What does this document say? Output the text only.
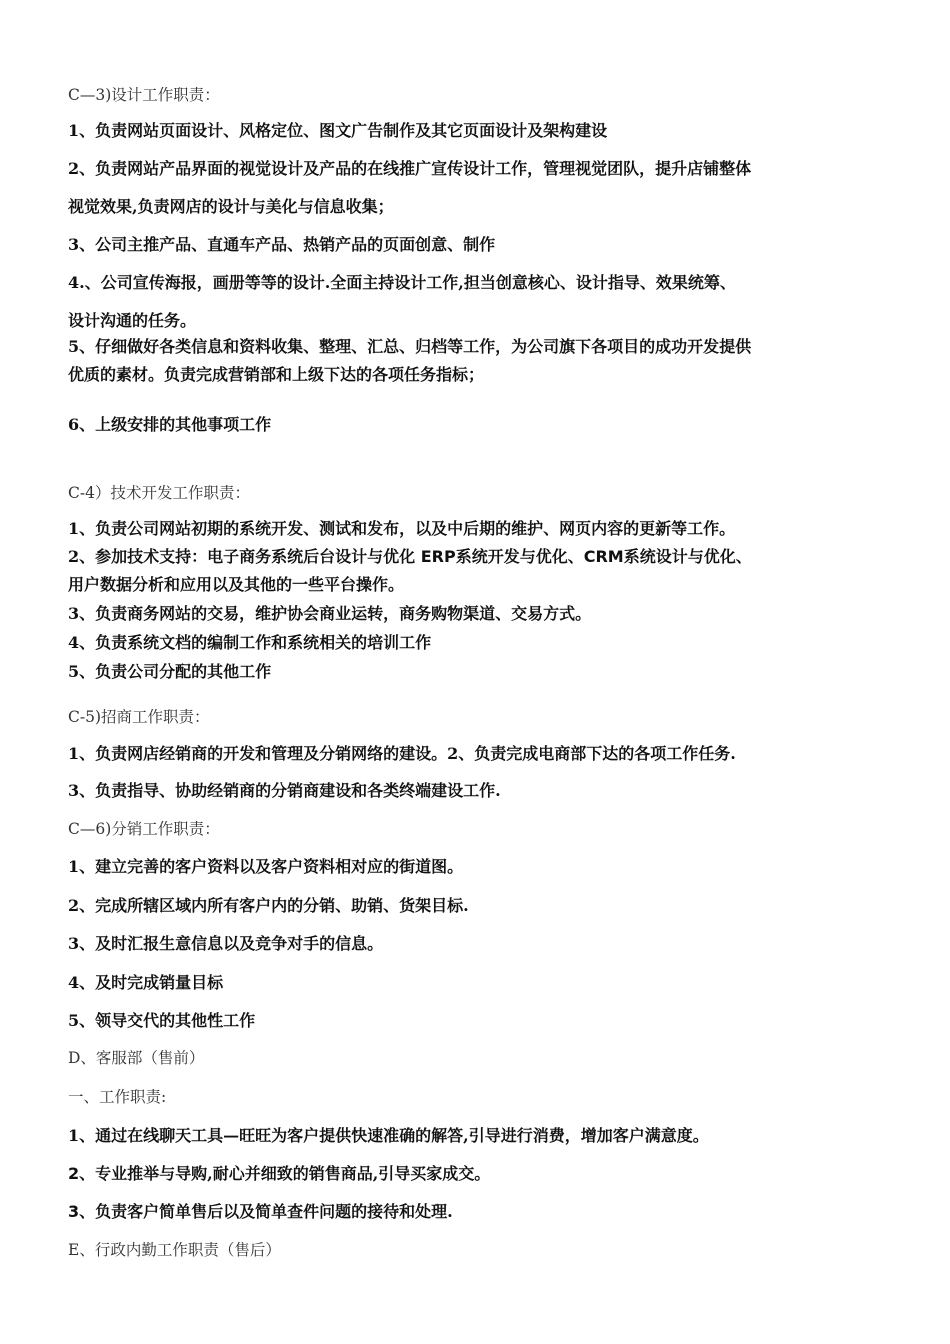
C—3)设计工作职责：
1、负责网站页面设计、风格定位、图文广告制作及其它页面设计及架构建设
2、负责网站产品界面的视觉设计及产品的在线推广宣传设计工作，管理视觉团队，提升店铺整体
视觉效果,负责网店的设计与美化与信息收集；
3、公司主推产品、直通车产品、热销产品的页面创意、制作
4.、公司宣传海报，画册等等的设计.全面主持设计工作,担当创意核心、设计指导、效果统筹、
设计沟通的任务。
5、仔细做好各类信息和资料收集、整理、汇总、归档等工作，为公司旗下各项目的成功开发提供
优质的素材。负责完成营销部和上级下达的各项任务指标；
6、上级安排的其他事项工作
C-4）技术开发工作职责：
1、负责公司网站初期的系统开发、测试和发布，以及中后期的维护、网页内容的更新等工作。
2、参加技术支持：电子商务系统后台设计与优化 ERP系统开发与优化、CRM系统设计与优化、
用户数据分析和应用以及其他的一些平台操作。
3、负责商务网站的交易，维护协会商业运转，商务购物渠道、交易方式。
4、负责系统文档的编制工作和系统相关的培训工作
5、负责公司分配的其他工作
C-5)招商工作职责：
1、负责网店经销商的开发和管理及分销网络的建设。2、负责完成电商部下达的各项工作任务.
3、负责指导、协助经销商的分销商建设和各类终端建设工作.
C—6)分销工作职责：
1、建立完善的客户资料以及客户资料相对应的街道图。
2、完成所辖区域内所有客户内的分销、助销、货架目标.
3、及时汇报生意信息以及竞争对手的信息。
4、及时完成销量目标
5、领导交代的其他性工作
D、客服部（售前）
一、工作职责:
1、通过在线聊天工具—旺旺为客户提供快速准确的解答,引导进行消费，增加客户满意度。
2、专业推举与导购,耐心并细致的销售商品,引导买家成交。
3、负责客户简单售后以及简单查件问题的接待和处理.
E、行政内勤工作职责（售后）
